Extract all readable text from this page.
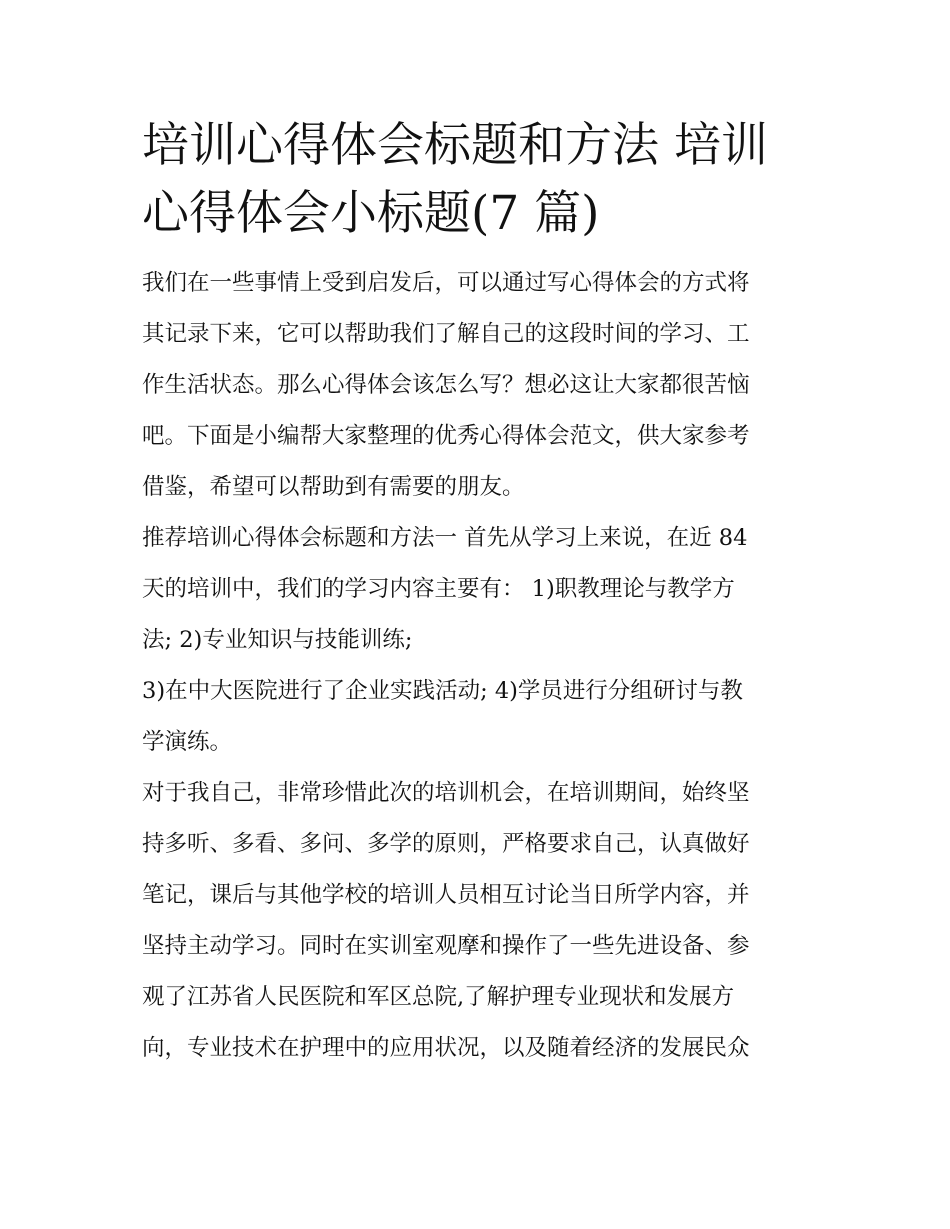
培训心得体会标题和方法 培训
心得体会小标题(7 篇)
我们在一些事情上受到启发后，可以通过写心得体会的方式将
其记录下来，它可以帮助我们了解自己的这段时间的学习、工
作生活状态。那么心得体会该怎么写？想必这让大家都很苦恼
吧。下面是小编帮大家整理的优秀心得体会范文，供大家参考
借鉴，希望可以帮助到有需要的朋友。
推荐培训心得体会标题和方法一 首先从学习上来说，在近 84
天的培训中，我们的学习内容主要有： 1)职教理论与教学方
法; 2)专业知识与技能训练;
3)在中大医院进行了企业实践活动; 4)学员进行分组研讨与教
学演练。
对于我自己，非常珍惜此次的培训机会，在培训期间，始终坚
持多听、多看、多问、多学的原则，严格要求自己，认真做好
笔记，课后与其他学校的培训人员相互讨论当日所学内容，并
坚持主动学习。同时在实训室观摩和操作了一些先进设备、参
观了江苏省人民医院和军区总院,了解护理专业现状和发展方
向，专业技术在护理中的应用状况，以及随着经济的发展民众
